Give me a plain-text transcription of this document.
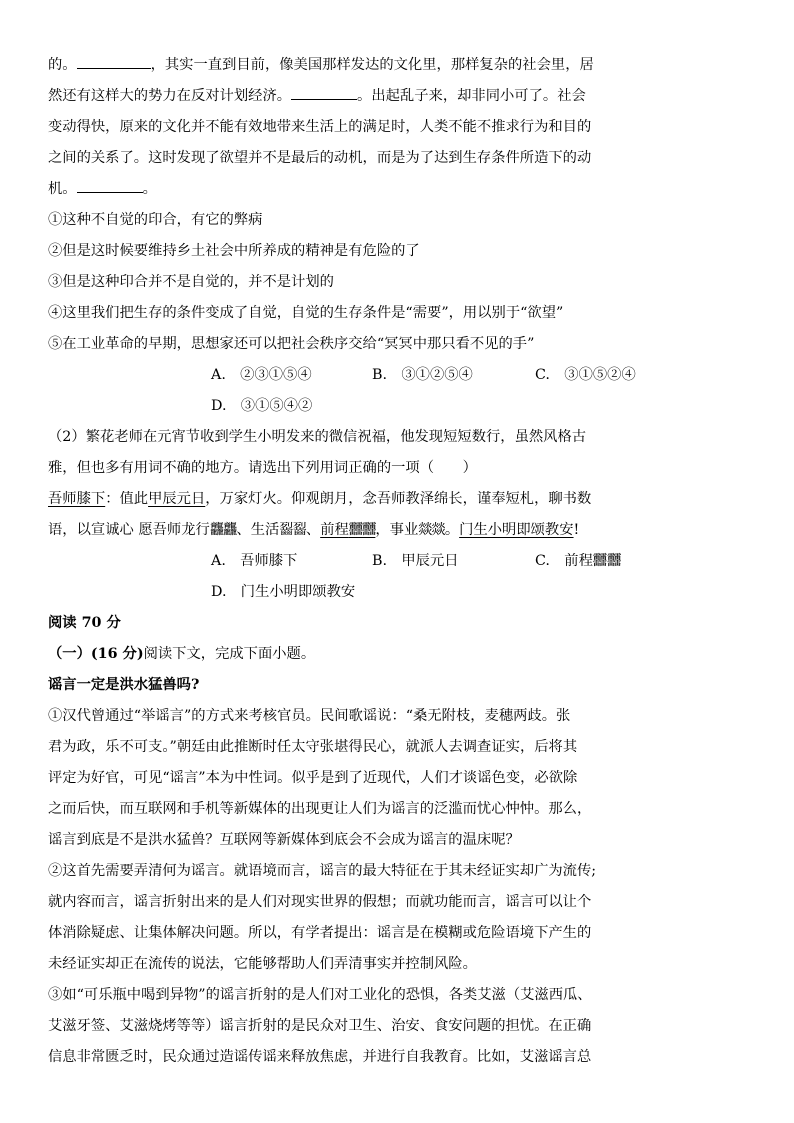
的。	，其实一直到目前，像美国那样发达的文化里，那样复杂的社会里，居

然还有这样大的势力在反对计划经济。	。出起乱子来，却非同小可了。社会

变动得快，原来的文化并不能有效地带来生活上的满足时，人类不能不推求行为和目的

之间的关系了。这时发现了欲望并不是最后的动机，而是为了达到生存条件所造下的动

机。	。

①这种不自觉的印合，有它的弊病

②但是这时候要维持乡土社会中所养成的精神是有危险的了

③但是这种印合并不是自觉的，并不是计划的

④这里我们把生存的条件变成了自觉，自觉的生存条件是“需要”，用以别于“欲望”

⑤在工业革命的早期，思想家还可以把社会秩序交给“冥冥中那只看不见的手”

A.　②③①⑤④	B.　③①②⑤④	C.　③①⑤②④

D.　③①⑤④②

（2）繁花老师在元宵节收到学生小明发来的微信祝福，他发现短短数行，虽然风格古

雅，但也多有用词不确的地方。请选出下列用词正确的一项（　　）

吾师膝下：值此甲辰元日，万家灯火。仰观朗月，念吾师教泽绵长，谨奉短札，聊书数

语，以宣诚心 愿吾师龙行龘龘、生活䶛䶛、前程䨻䨻，事业燚燚。门生小明即颂教安!

A.　吾师膝下	B.　甲辰元日	C.　前程䨻䨻

D.　门生小明即颂教安

阅读 70 分

（一）(16 分)阅读下文，完成下面小题。

谣言一定是洪水猛兽吗?

①汉代曾通过“举谣言”的方式来考核官员。民间歌谣说：“桑无附枝，麦穗两歧。张

君为政，乐不可支。”朝廷由此推断时任太守张堪得民心，就派人去调查证实，后将其

评定为好官，可见“谣言”本为中性词。似乎是到了近现代，人们才谈谣色变，必欲除

之而后快，而互联网和手机等新媒体的出现更让人们为谣言的泛滥而忧心忡忡。那么，

谣言到底是不是洪水猛兽？互联网等新媒体到底会不会成为谣言的温床呢？

②这首先需要弄清何为谣言。就语境而言，谣言的最大特征在于其未经证实却广为流传;

就内容而言，谣言折射出来的是人们对现实世界的假想；而就功能而言，谣言可以让个

体消除疑虑、让集体解决问题。所以，有学者提出：谣言是在模糊或危险语境下产生的

未经证实却正在流传的说法，它能够帮助人们弄清事实并控制风险。

③如“可乐瓶中喝到异物”的谣言折射的是人们对工业化的恐惧，各类艾滋（艾滋西瓜、

艾滋牙签、艾滋烧烤等等）谣言折射的是民众对卫生、治安、食安问题的担忧。在正确

信息非常匮乏时，民众通过造谣传谣来释放焦虑，并进行自我教育。比如，艾滋谣言总
